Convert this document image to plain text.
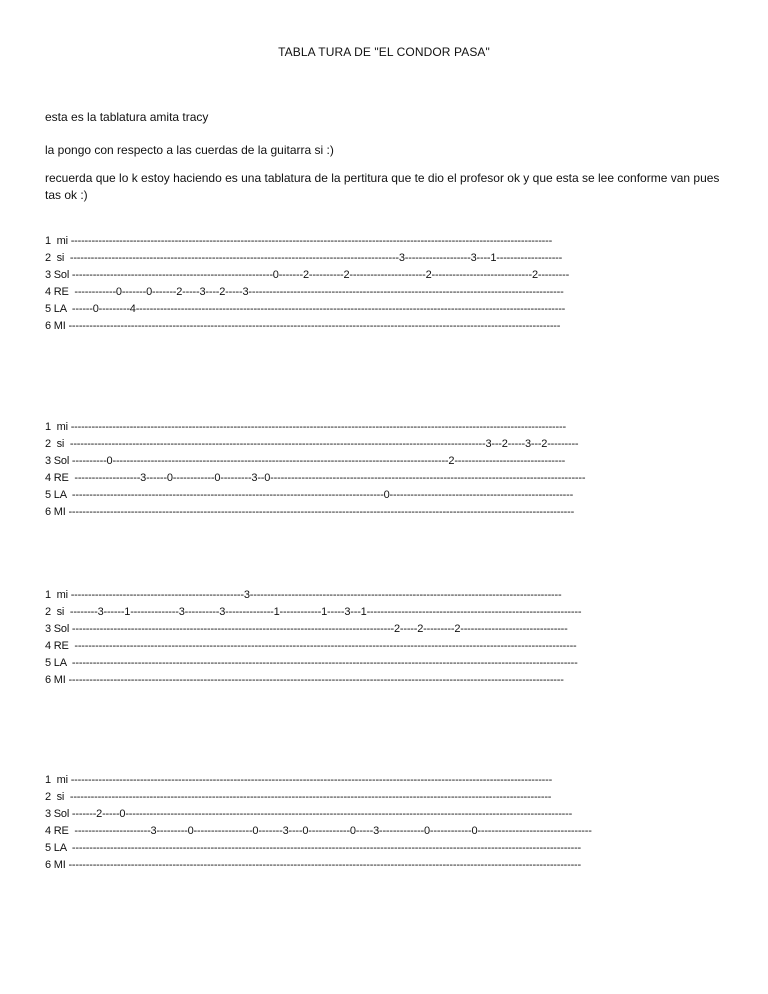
TABLA TURA DE "EL CONDOR PASA"
esta es la tablatura amita tracy
la pongo con respecto a las cuerdas de la guitarra si :)
recuerda que lo k estoy haciendo es una tablatura de la pertitura que te dio el profesor ok y que esta se lee conforme van pues tas ok :)
1  mi -------------------------------------------------------------------------------------------------------------------------------------------
2  si  -----------------------------------------------------------------------------------------------3-------------------3----1-------------------
3 Sol ----------------------------------------------------------0-------2----------2----------------------2-----------------------------2---------
4 RE  ------------0-------0-------2-----3----2-----3-------------------------------------------------------------------------------------------
5 LA  ------0---------4----------------------------------------------------------------------------------------------------------------------------
6 MI ----------------------------------------------------------------------------------------------------------------------------------------------
1  mi -----------------------------------------------------------------------------------------------------------------------------------------------
2  si  ------------------------------------------------------------------------------------------------------------------------3---2-----3---2---------
3 Sol ----------0-------------------------------------------------------------------------------------------------2--------------------------------
4 RE  -------------------3------0------------0---------3--0-------------------------------------------------------------------------------------------
5 LA  ------------------------------------------------------------------------------------------0-----------------------------------------------------
6 MI --------------------------------------------------------------------------------------------------------------------------------------------------
1  mi --------------------------------------------------3------------------------------------------------------------------------------------------
2  si  --------3------1--------------3----------3--------------1------------1-----3---1--------------------------------------------------------------
3 Sol ---------------------------------------------------------------------------------------------2-----2---------2-------------------------------
4 RE  -------------------------------------------------------------------------------------------------------------------------------------------------
5 LA  --------------------------------------------------------------------------------------------------------------------------------------------------
6 MI -----------------------------------------------------------------------------------------------------------------------------------------------
1  mi -------------------------------------------------------------------------------------------------------------------------------------------
2  si  -------------------------------------------------------------------------------------------------------------------------------------------
3 Sol -------2-----0---------------------------------------------------------------------------------------------------------------------------------
4 RE  ----------------------3---------0-----------------0-------3----0------------0-----3-------------0------------0---------------------------------
5 LA  ---------------------------------------------------------------------------------------------------------------------------------------------------
6 MI ----------------------------------------------------------------------------------------------------------------------------------------------------
